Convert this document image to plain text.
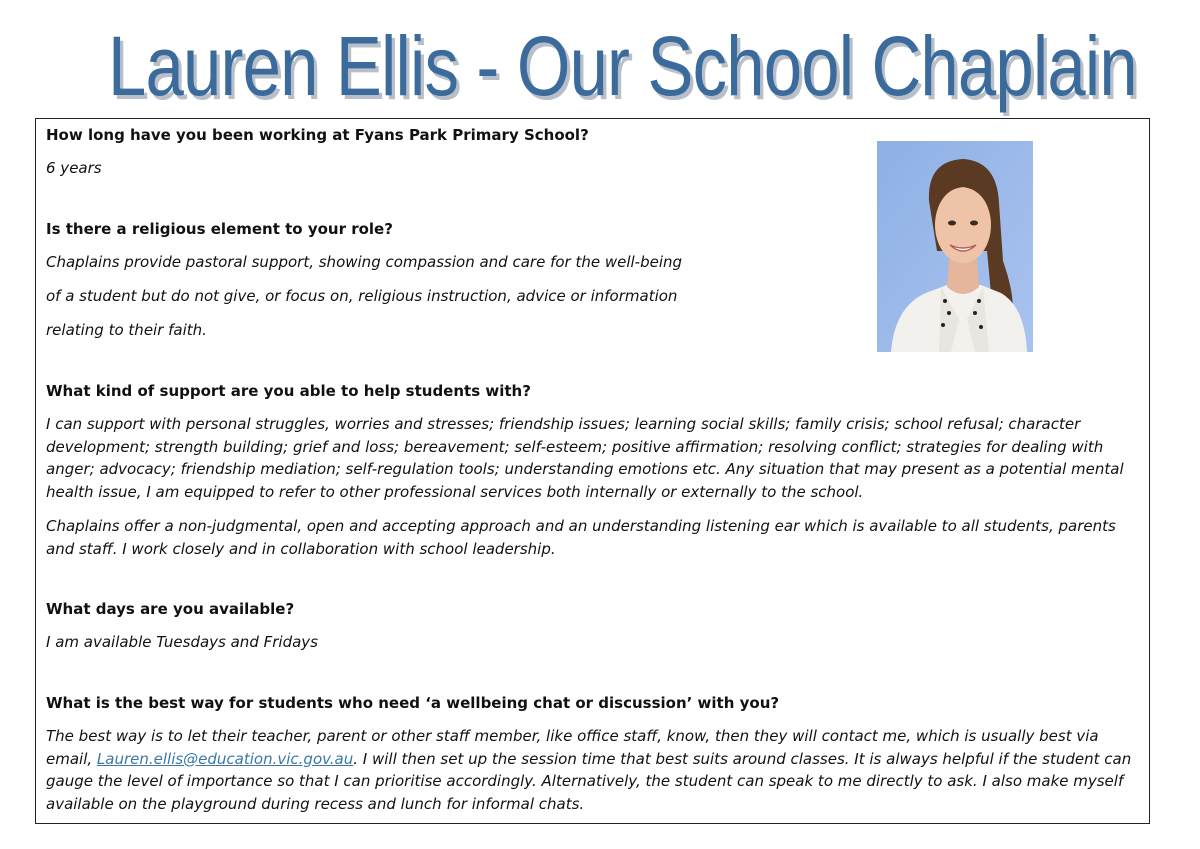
Lauren Ellis - Our School Chaplain
How long have you been working at Fyans Park Primary School?
6 years
Is there a religious element to your role?
Chaplains provide pastoral support, showing compassion and care for the well-being
of a student but do not give, or focus on, religious instruction, advice or information
relating to their faith.
What kind of support are you able to help students with?
I can support with personal struggles, worries and stresses; friendship issues; learning social skills; family crisis; school refusal; character development; strength building; grief and loss; bereavement; self-esteem; positive affirmation; resolving conflict; strategies for dealing with anger; advocacy; friendship mediation; self-regulation tools; understanding emotions etc. Any situation that may present as a potential mental health issue, I am equipped to refer to other professional services both internally or externally to the school.
Chaplains offer a non-judgmental, open and accepting approach and an understanding listening ear which is available to all students, parents and staff. I work closely and in collaboration with school leadership.
What days are you available?
I am available Tuesdays and Fridays
What is the best way for students who need ‘a wellbeing chat or discussion’ with you?
The best way is to let their teacher, parent or other staff member, like office staff, know, then they will contact me, which is usually best via email, Lauren.ellis@education.vic.gov.au. I will then set up the session time that best suits around classes. It is always helpful if the student can gauge the level of importance so that I can prioritise accordingly. Alternatively, the student can speak to me directly to ask. I also make myself available on the playground during recess and lunch for informal chats.
